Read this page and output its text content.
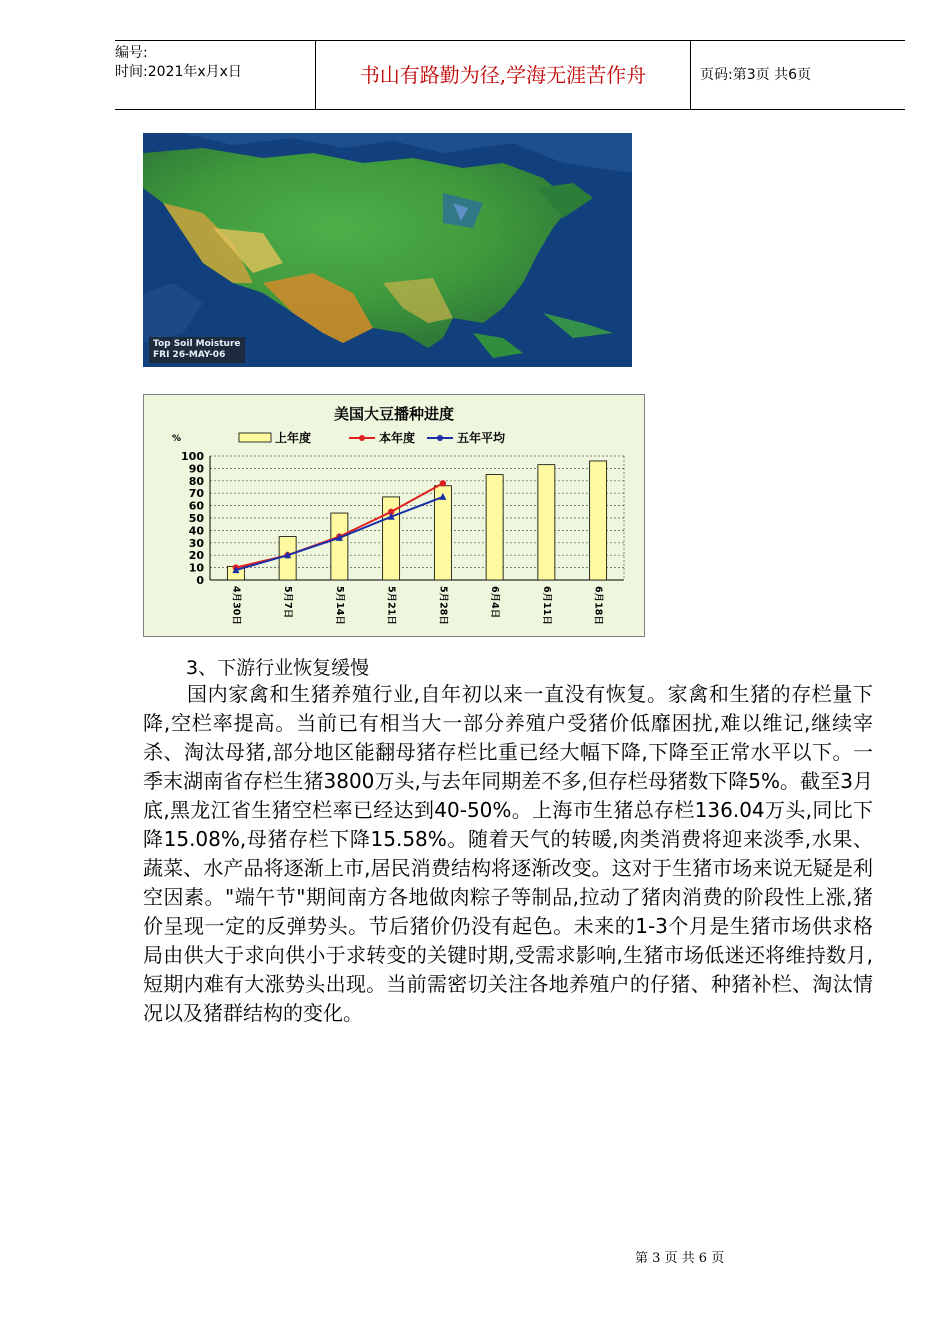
编号:
时间:2021年x月x日	书山有路勤为径,学海无涯苦作舟	页码:第3页 共6页
Top Soil Moisture
FRI 26-MAY-06
美国大豆播种进度
%	上年度	本年度	五年平均
0
10
20
30
40
50
60
70
80
90
100
4月30日	5月7日	5月14日	5月21日	5月28日	6月4日	6月11日	6月18日
3、下游行业恢复缓慢
国内家禽和生猪养殖行业,自年初以来一直没有恢复。家禽和生猪的存栏量下降,空栏率提高。当前已有相当大一部分养殖户受猪价低靡困扰,难以维记,继续宰杀、淘汰母猪,部分地区能翻母猪存栏比重已经大幅下降,下降至正常水平以下。一季末湖南省存栏生猪3800万头,与去年同期差不多,但存栏母猪数下降5%。截至3月底,黑龙江省生猪空栏率已经达到40-50%。上海市生猪总存栏136.04万头,同比下降15.08%,母猪存栏下降15.58%。随着天气的转暖,肉类消费将迎来淡季,水果、蔬菜、水产品将逐渐上市,居民消费结构将逐渐改变。这对于生猪市场来说无疑是利空因素。"端午节"期间南方各地做肉粽子等制品,拉动了猪肉消费的阶段性上涨,猪价呈现一定的反弹势头。节后猪价仍没有起色。未来的1-3个月是生猪市场供求格局由供大于求向供小于求转变的关键时期,受需求影响,生猪市场低迷还将维持数月,短期内难有大涨势头出现。当前需密切关注各地养殖户的仔猪、种猪补栏、淘汰情况以及猪群结构的变化。
第 3 页 共 6 页
